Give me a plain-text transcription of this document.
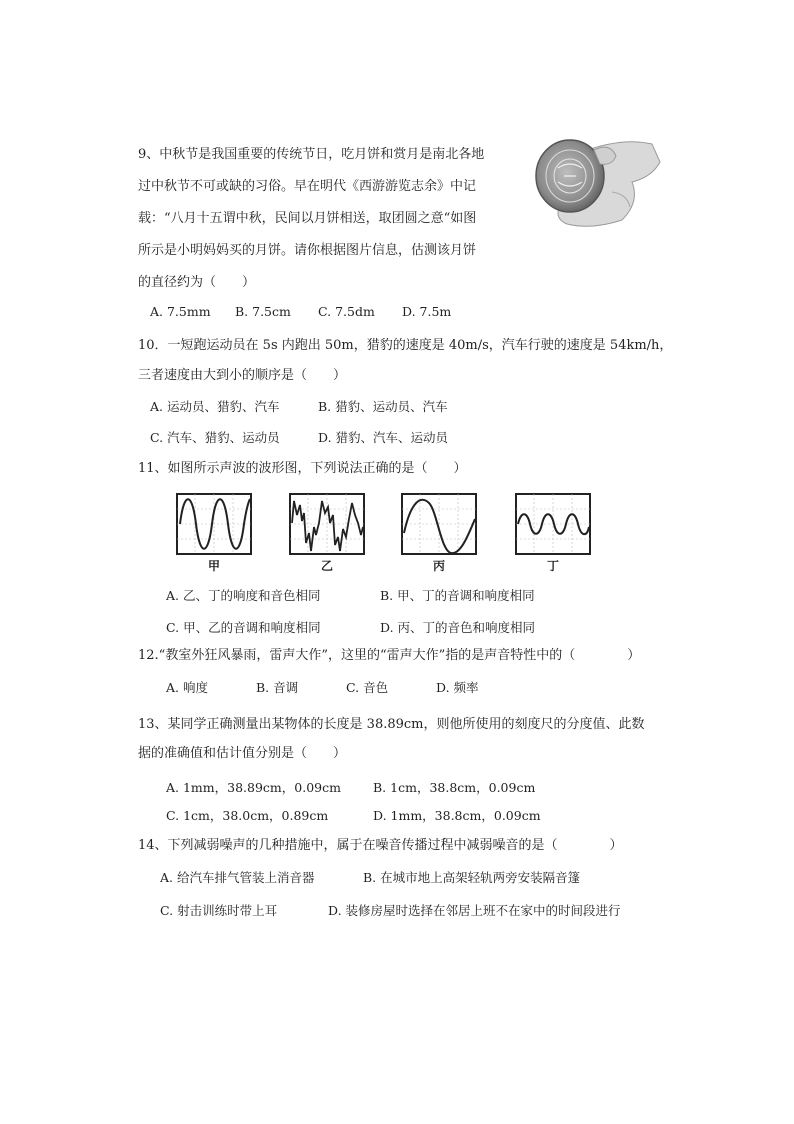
9、中秋节是我国重要的传统节日，吃月饼和赏月是南北各地
过中秋节不可或缺的习俗。早在明代《西游游览志余》中记
载：“八月十五谓中秋，民间以月饼相送，取团圆之意“如图
所示是小明妈妈买的月饼。请你根据图片信息，估测该月饼
的直径约为（　　）
A. 7.5mm B. 7.5cm C. 7.5dm D. 7.5m
10．一短跑运动员在 5s 内跑出 50m，猎豹的速度是 40m/s，汽车行驶的速度是 54km/h，
三者速度由大到小的顺序是（　　）
A. 运动员、猎豹、汽车	B. 猎豹、运动员、汽车
C. 汽车、猎豹、运动员	D. 猎豹、汽车、运动员
11、如图所示声波的波形图，下列说法正确的是（　　）
甲	乙	丙	丁
A. 乙、丁的响度和音色相同	B. 甲、丁的音调和响度相同
C. 甲、乙的音调和响度相同	D. 丙、丁的音色和响度相同
12.“教室外狂风暴雨，雷声大作”，这里的“雷声大作”指的是声音特性中的（　　　　）
A. 响度	B. 音调	C. 音色	D. 频率
13、某同学正确测量出某物体的长度是 38.89cm，则他所使用的刻度尺的分度值、此数
据的准确值和估计值分别是（　　）
A. 1mm，38.89cm，0.09cm	B. 1cm，38.8cm，0.09cm
C. 1cm，38.0cm，0.89cm	D. 1mm，38.8cm，0.09cm
14、下列减弱噪声的几种措施中，属于在噪音传播过程中减弱噪音的是（　　　　）
A. 给汽车排气管装上消音器	B. 在城市地上高架轻轨两旁安装隔音篷
C. 射击训练时带上耳	D. 装修房屋时选择在邻居上班不在家中的时间段进行
